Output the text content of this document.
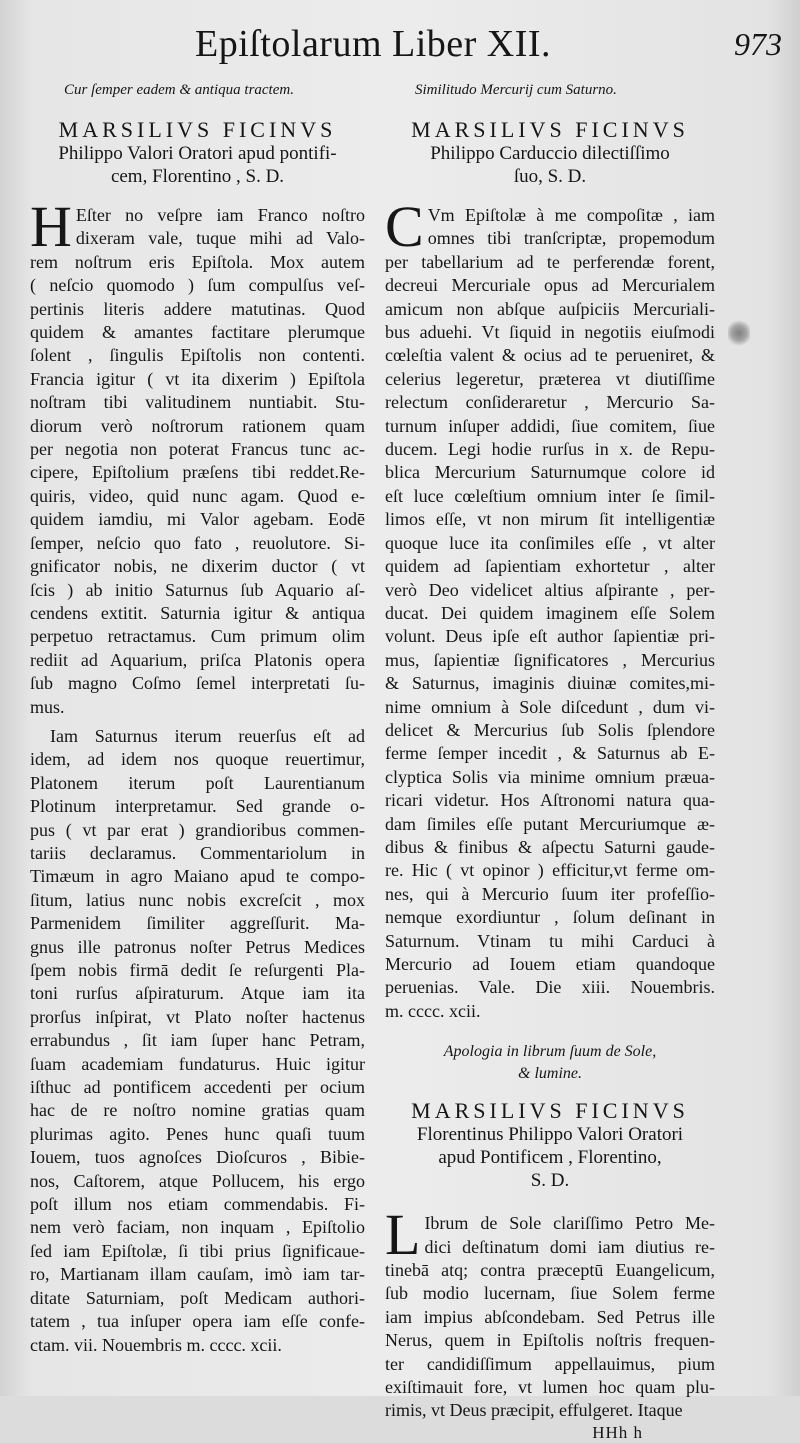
Epiſtolarum Liber XII.	973
Cur ſemper eadem & antiqua tractem.
MARSILIVS FICINVS
Philippo Valori Oratori apud pontifi-
cem, Florentino , S. D.
H Eſter no veſpre iam Franco noſtro
dixeram vale, tuque mihi ad Valo-
rem noſtrum eris Epiſtola. Mox autem
( neſcio quomodo ) ſum compulſus veſ-
pertinis literis addere matutinas. Quod
quidem & amantes factitare plerumque
ſolent , ſingulis Epiſtolis non contenti.
Francia igitur ( vt ita dixerim ) Epiſtola
noſtram tibi valitudinem nuntiabit. Stu-
diorum verò noſtrorum rationem quam
per negotia non poterat Francus tunc ac-
cipere, Epiſtolium præſens tibi reddet.Re-
quiris, video, quid nunc agam. Quod e-
quidem iamdiu, mi Valor agebam. Eodē
ſemper, neſcio quo fato , reuolutore. Si-
gnificator nobis, ne dixerim ductor ( vt
ſcis ) ab initio Saturnus ſub Aquario aſ-
cendens extitit. Saturnia igitur & antiqua
perpetuo retractamus. Cum primum olim
rediit ad Aquarium, priſca Platonis opera
ſub magno Coſmo ſemel interpretati ſu-
mus.
Iam Saturnus iterum reuerſus eſt ad
idem, ad idem nos quoque reuertimur,
Platonem iterum poſt Laurentianum
Plotinum interpretamur. Sed grande o-
pus ( vt par erat ) grandioribus commen-
tariis declaramus. Commentariolum in
Timæum in agro Maiano apud te compo-
ſitum, latius nunc nobis excreſcit , mox
Parmenidem ſimiliter aggreſſurit. Ma-
gnus ille patronus noſter Petrus Medices
ſpem nobis firmā dedit ſe reſurgenti Pla-
toni rurſus aſpiraturum. Atque iam ita
prorſus inſpirat, vt Plato noſter hactenus
errabundus , ſit iam ſuper hanc Petram,
ſuam academiam fundaturus. Huic igitur
iſthuc ad pontificem accedenti per ocium
hac de re noſtro nomine gratias quam
plurimas agito. Penes hunc quaſi tuum
Iouem, tuos agnoſces Dioſcuros , Bibie-
nos, Caſtorem, atque Pollucem, his ergo
poſt illum nos etiam commendabis. Fi-
nem verò faciam, non inquam , Epiſtolio
ſed iam Epiſtolæ, ſi tibi prius ſignificaue-
ro, Martianam illam cauſam, imò iam tar-
ditate Saturniam, poſt Medicam authori-
tatem , tua inſuper opera iam eſſe confe-
ctam. vii. Nouembris m. cccc. xcii.
Similitudo Mercurij cum Saturno.
MARSILIVS FICINVS
Philippo Carduccio dilectiſſimo
ſuo, S. D.
C Vm Epiſtolæ à me compoſitæ , iam
omnes tibi tranſcriptæ, propemodum
per tabellarium ad te perferendæ forent,
decreui Mercuriale opus ad Mercurialem
amicum non abſque auſpiciis Mercuriali-
bus aduehi. Vt ſiquid in negotiis eiuſmodi
cœleſtia valent & ocius ad te perueniret, &
celerius legeretur, præterea vt diutiſſime
relectum conſideraretur , Mercurio Sa-
turnum inſuper addidi, ſiue comitem, ſiue
ducem. Legi hodie rurſus in x. de Repu-
blica Mercurium Saturnumque colore id
eſt luce cœleſtium omnium inter ſe ſimil-
limos eſſe, vt non mirum ſit intelligentiæ
quoque luce ita conſimiles eſſe , vt alter
quidem ad ſapientiam exhortetur , alter
verò Deo videlicet altius aſpirante , per-
ducat. Dei quidem imaginem eſſe Solem
volunt. Deus ipſe eſt author ſapientiæ pri-
mus, ſapientiæ ſignificatores , Mercurius
& Saturnus, imaginis diuinæ comites,mi-
nime omnium à Sole diſcedunt , dum vi-
delicet & Mercurius ſub Solis ſplendore
ferme ſemper incedit , & Saturnus ab E-
clyptica Solis via minime omnium præua-
ricari videtur. Hos Aſtronomi natura qua-
dam ſimiles eſſe putant Mercuriumque æ-
dibus & finibus & aſpectu Saturni gaude-
re. Hic ( vt opinor ) efficitur,vt ferme om-
nes, qui à Mercurio ſuum iter profeſſio-
nemque exordiuntur , ſolum deſinant in
Saturnum. Vtinam tu mihi Carduci à
Mercurio ad Iouem etiam quandoque
peruenias. Vale. Die xiii. Nouembris.
m. cccc. xcii.
Apologia in librum ſuum de Sole,
& lumine.
MARSILIVS FICINVS
Florentinus Philippo Valori Oratori
apud Pontificem , Florentino,
S. D.
L Ibrum de Sole clariſſimo Petro Me-
dici deſtinatum domi iam diutius re-
tinebā atq; contra præceptū Euangelicum,
ſub modio lucernam, ſiue Solem ferme
iam impius abſcondebam. Sed Petrus ille
Nerus, quem in Epiſtolis noſtris frequen-
ter candidiſſimum appellauimus, pium
exiſtimauit fore, vt lumen hoc quam plu-
rimis, vt Deus præcipit, effulgeret. Itaque
HHh h
